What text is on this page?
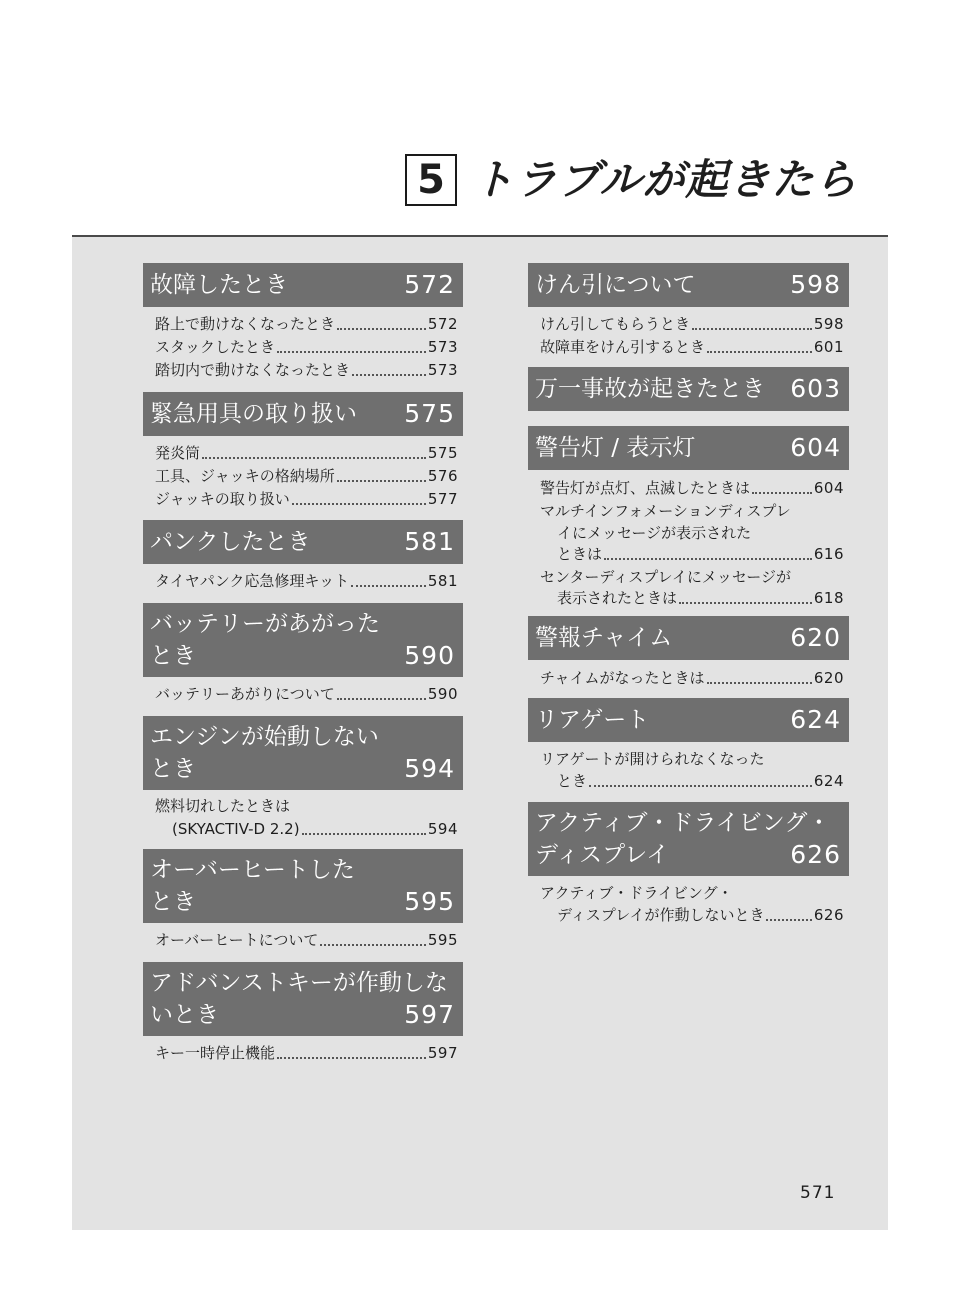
5 トラブルが起きたら
故障したとき	572
路上で動けなくなったとき	572
スタックしたとき	573
踏切内で動けなくなったとき	573
緊急用具の取り扱い 575
発炎筒	575
工具、ジャッキの格納場所	576
ジャッキの取り扱い	577
パンクしたとき	581
タイヤパンク応急修理キット	581
バッテリーがあがった
とき	590
バッテリーあがりについて	590
エンジンが始動しない
とき	594
燃料切れしたときは
(SKYACTIV-D 2.2)	594
オーバーヒートした
とき	595
オーバーヒートについて	595
アドバンストキーが作動しな
いとき	597
キー一時停止機能	597
けん引について	598
けん引してもらうとき	598
故障車をけん引するとき	601
万一事故が起きたとき 603
警告灯 / 表示灯	604
警告灯が点灯、点滅したときは	604
マルチインフォメーションディスプレ
イにメッセージが表示された
ときは	616
センターディスプレイにメッセージが
表示されたときは	618
警報チャイム	620
チャイムがなったときは	620
リアゲート	624
リアゲートが開けられなくなった
とき	624
アクティブ・ドライビング・
ディスプレイ	626
アクティブ・ドライビング・
ディスプレイが作動しないとき	626
571
